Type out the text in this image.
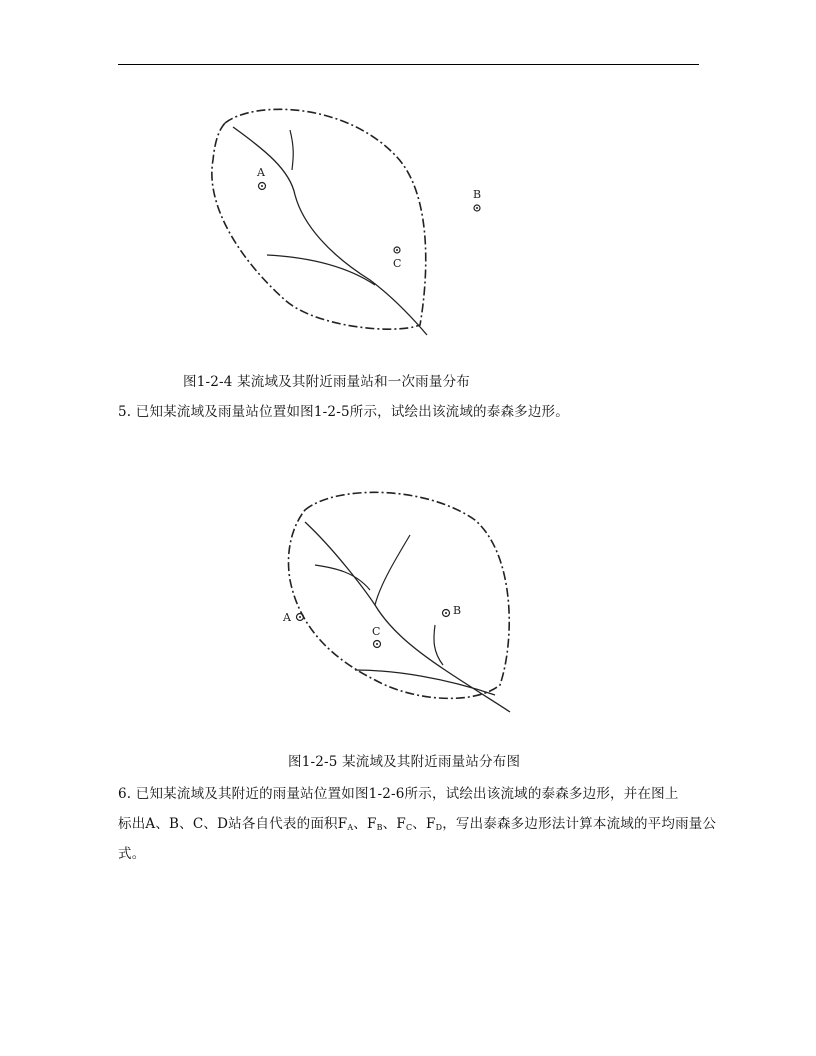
A
B
C
图1-2-4 某流域及其附近雨量站和一次雨量分布
5. 已知某流域及雨量站位置如图1-2-5所示，试绘出该流域的泰森多边形。
A
B
C
图1-2-5 某流域及其附近雨量站分布图
6. 已知某流域及其附近的雨量站位置如图1-2-6所示，试绘出该流域的泰森多边形，并在图上
标出A、B、C、D站各自代表的面积$F_A$、$F_B$、$F_C$、$F_D$，写出泰森多边形法计算本流域的平均雨量公
式。
